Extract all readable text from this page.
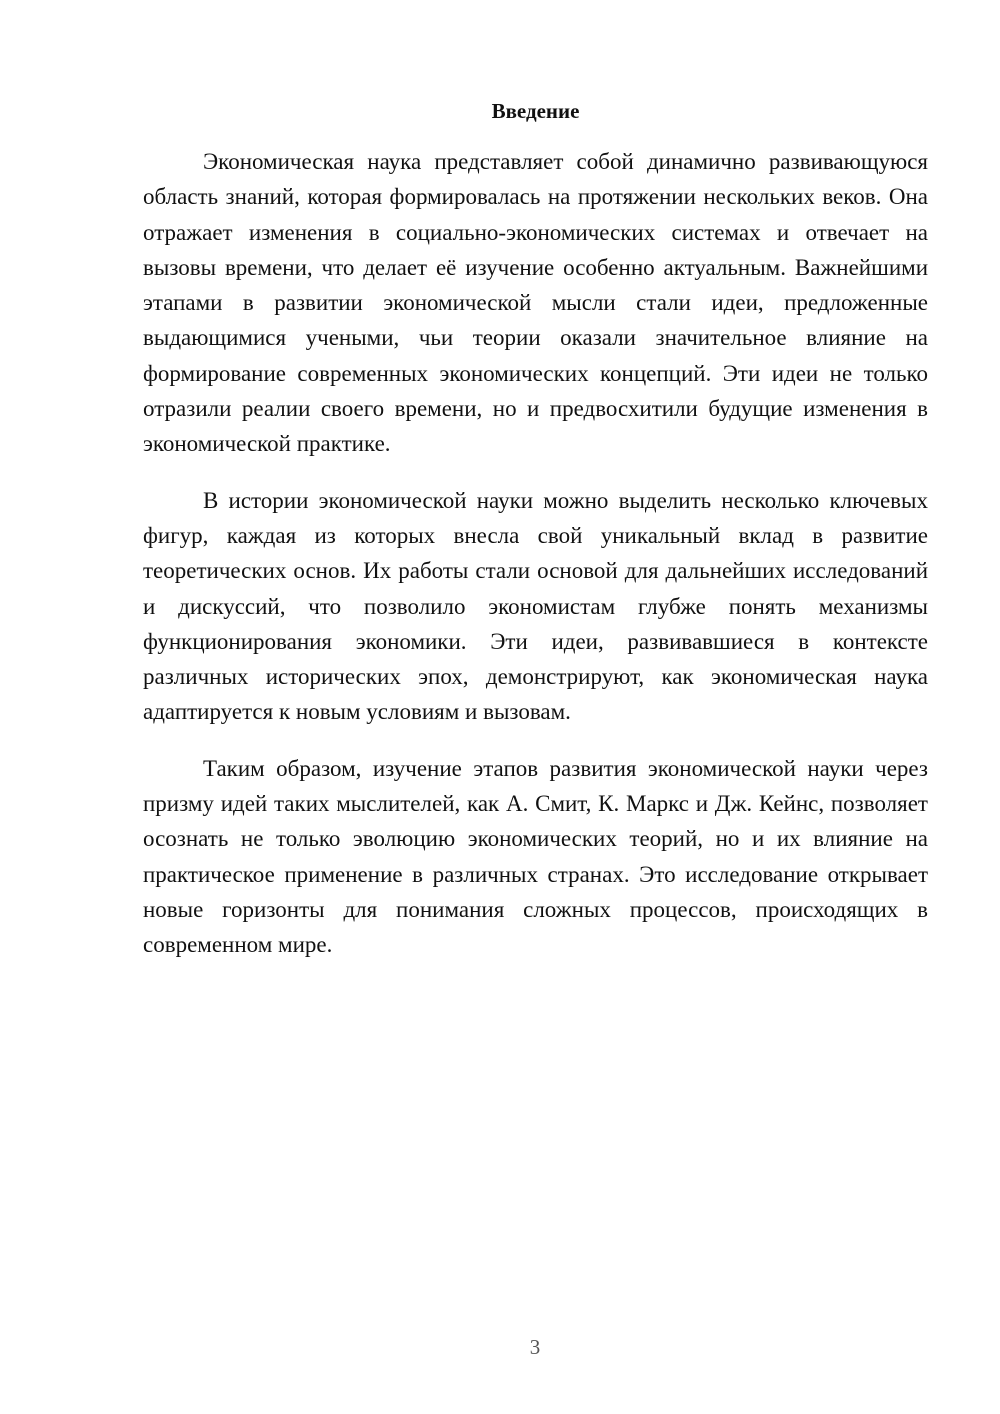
Введение

Экономическая наука представляет собой динамично развивающуюся область знаний, которая формировалась на протяжении нескольких веков. Она отражает изменения в социально-экономических системах и отвечает на вызовы времени, что делает её изучение особенно актуальным. Важнейшими этапами в развитии экономической мысли стали идеи, предложенные выдающимися учеными, чьи теории оказали значительное влияние на формирование современных экономических концепций. Эти идеи не только отразили реалии своего времени, но и предвосхитили будущие изменения в экономической практике.

В истории экономической науки можно выделить несколько ключевых фигур, каждая из которых внесла свой уникальный вклад в развитие теоретических основ. Их работы стали основой для дальнейших исследований и дискуссий, что позволило экономистам глубже понять механизмы функционирования экономики. Эти идеи, развивавшиеся в контексте различных исторических эпох, демонстрируют, как экономическая наука адаптируется к новым условиям и вызовам.

Таким образом, изучение этапов развития экономической науки через призму идей таких мыслителей, как А. Смит, К. Маркс и Дж. Кейнс, позволяет осознать не только эволюцию экономических теорий, но и их влияние на практическое применение в различных странах. Это исследование открывает новые горизонты для понимания сложных процессов, происходящих в современном мире.

3
